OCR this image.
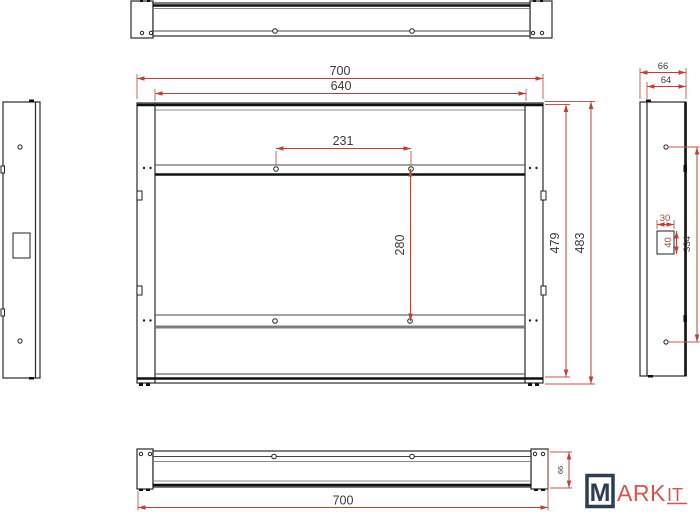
700
640
231
280	479 483
66
64
30
40 334
700
66
M ARK IT
